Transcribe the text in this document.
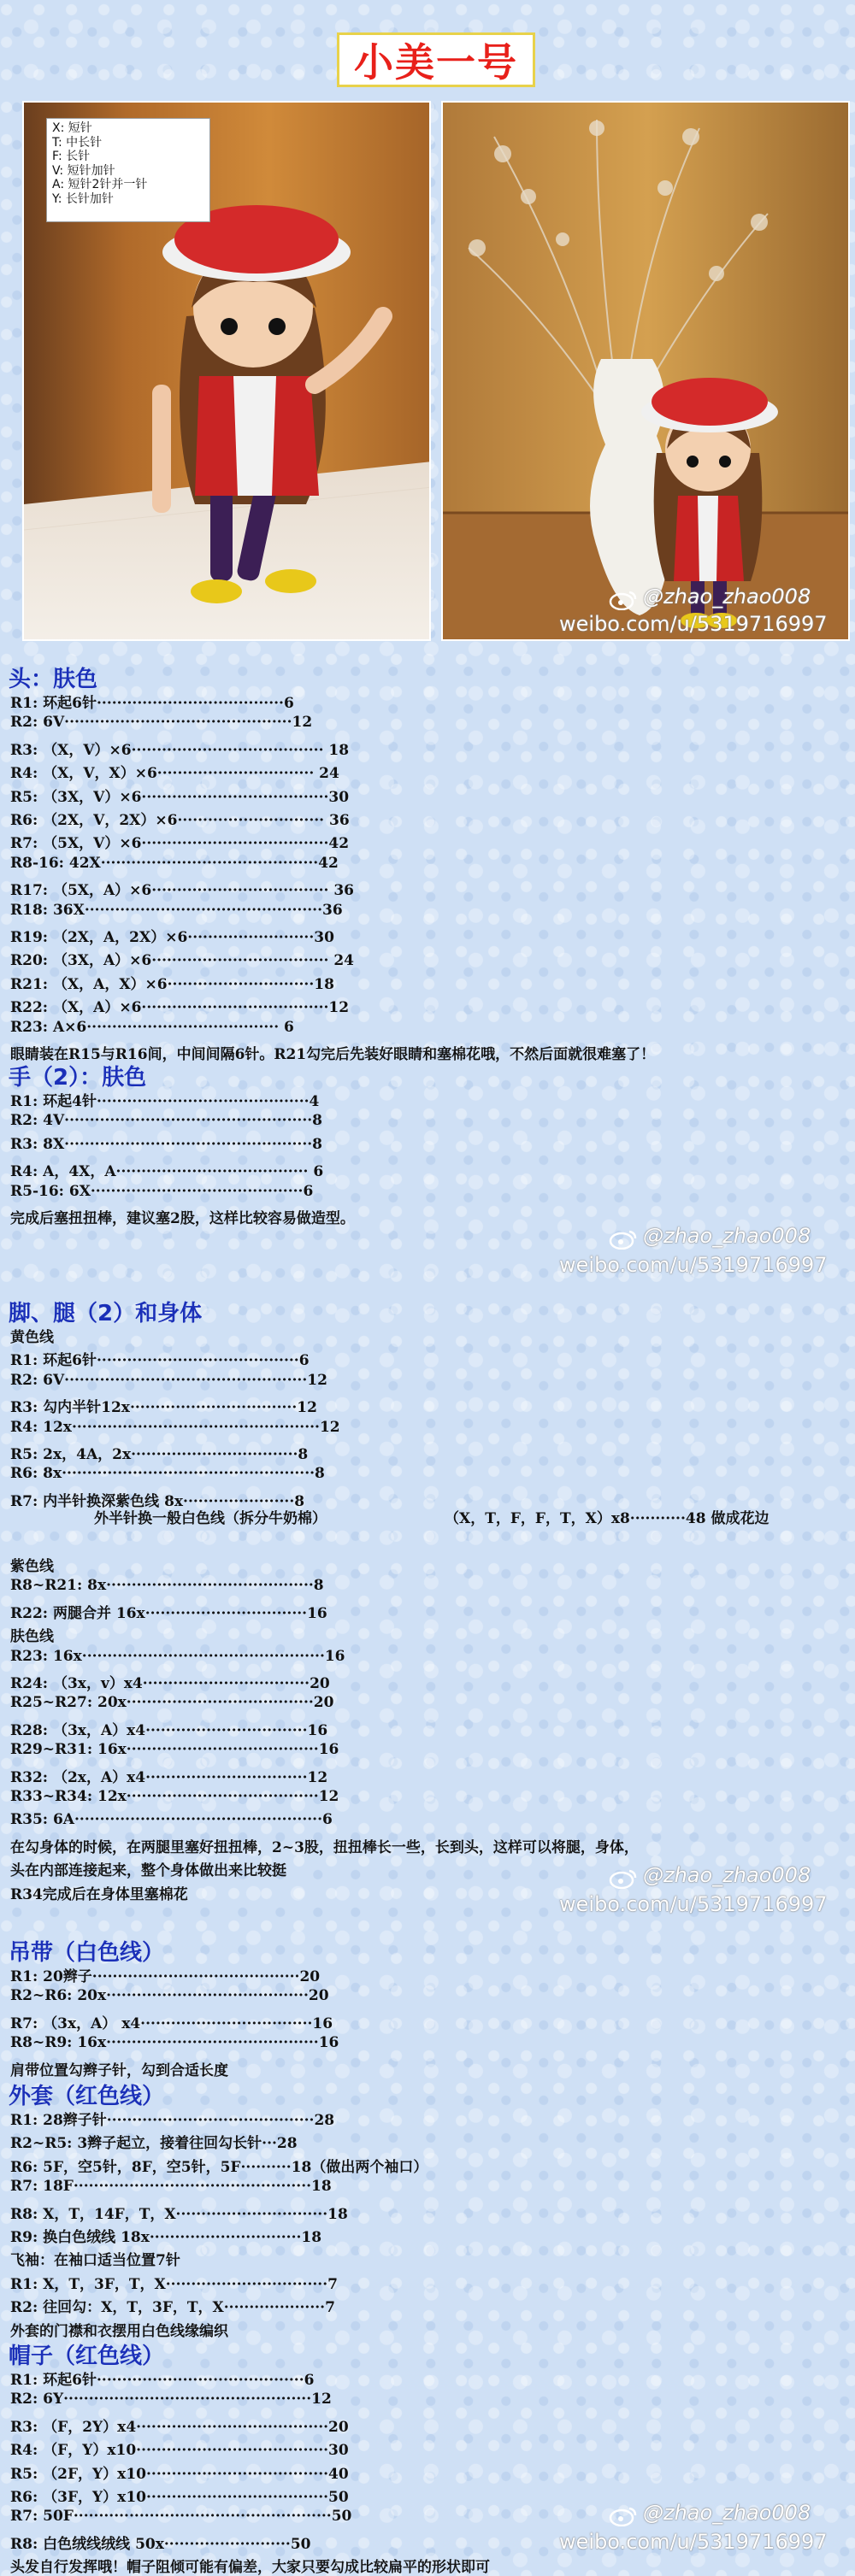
小美一号
X: 短针
T: 中长针
F: 长针
V: 短针加针
A: 短针2针并一针
Y: 长针加针
@zhao_zhao008
weibo.com/u/5319716997
头：肤色
R1: 环起6针·····································6
R2: 6V·············································12
R3: （X，V）×6······································ 18
R4: （X，V，X）×6······························· 24
R5: （3X，V）×6·····································30
R6: （2X，V，2X）×6····························· 36
R7: （5X，V）×6·····································42
R8-16: 42X···········································42
R17: （5X，A）×6··································· 36
R18: 36X···············································36
R19: （2X，A，2X）×6·························30
R20: （3X，A）×6··································· 24
R21: （X，A，X）×6·····························18
R22: （X，A）×6·····································12
R23: A×6······································ 6
眼睛装在R15与R16间，中间间隔6针。R21勾完后先装好眼睛和塞棉花哦，不然后面就很难塞了！
手（2）：肤色
R1: 环起4针··········································4
R2: 4V·················································8
R3: 8X·················································8
R4: A，4X，A······································ 6
R5-16: 6X··········································6
完成后塞扭扭棒，建议塞2股，这样比较容易做造型。
@zhao_zhao008
weibo.com/u/5319716997
脚、腿（2）和身体
黄色线
R1: 环起6针········································6
R2: 6V················································12
R3: 勾内半针12x·································12
R4: 12x·················································12
R5: 2x，4A，2x·································8
R6: 8x··················································8
R7: 内半针换深紫色线 8x······················8
外半针换一般白色线（拆分牛奶棉）	（X，T，F，F，T，X）x8···········48 做成花边
紫色线
R8~R21: 8x·········································8
R22: 两腿合并 16x································16
肤色线
R23: 16x················································16
R24: （3x，v）x4·································20
R25~R27: 20x·····································20
R28: （3x，A）x4································16
R29~R31: 16x······································16
R32: （2x，A）x4································12
R33~R34: 12x······································12
R35: 6A·················································6
在勾身体的时候，在两腿里塞好扭扭棒，2~3股，扭扭棒长一些，长到头，这样可以将腿，身体，
头在内部连接起来，整个身体做出来比较挺
R34完成后在身体里塞棉花
@zhao_zhao008
weibo.com/u/5319716997
吊带（白色线）
R1: 20辫子·········································20
R2~R6: 20x········································20
R7: （3x，A） x4··································16
R8~R9: 16x··········································16
肩带位置勾辫子针，勾到合适长度
外套（红色线）
R1: 28辫子针·········································28
R2~R5: 3辫子起立，接着往回勾长针···28
R6: 5F，空5针，8F，空5针，5F··········18（做出两个袖口）
R7: 18F···············································18
R8: X，T，14F，T，X······························18
R9: 换白色绒线 18x······························18
飞袖：在袖口适当位置7针
R1: X，T，3F，T，X································7
R2: 往回勾：X，T，3F，T，X····················7
外套的门襟和衣摆用白色线缘编织
帽子（红色线）
R1: 环起6针·········································6
R2: 6Y·················································12
R3: （F，2Y）x4······································20
R4: （F，Y）x10······································30
R5: （2F，Y）x10····································40
R6: （3F，Y）x10····································50
R7: 50F···················································50
R8: 白色绒线绒线 50x·························50
头发自行发挥哦！帽子阻倾可能有偏差，大家只要勾成比较扁平的形状即可
@zhao_zhao008
weibo.com/u/5319716997
